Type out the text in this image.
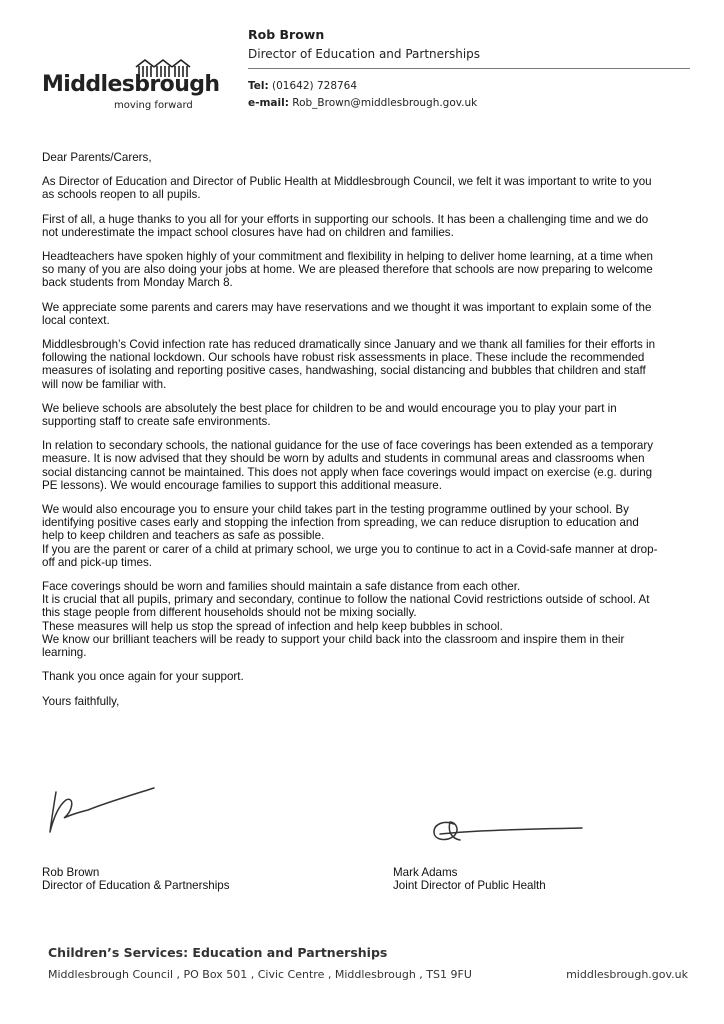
Middlesbrough
moving forward
Rob Brown
Director of Education and Partnerships
Tel: (01642) 728764
e-mail: Rob_Brown@middlesbrough.gov.uk

Dear Parents/Carers,

As Director of Education and Director of Public Health at Middlesbrough Council, we felt it was important to write to you
as schools reopen to all pupils.

First of all, a huge thanks to you all for your efforts in supporting our schools. It has been a challenging time and we do
not underestimate the impact school closures have had on children and families.

Headteachers have spoken highly of your commitment and flexibility in helping to deliver home learning, at a time when
so many of you are also doing your jobs at home. We are pleased therefore that schools are now preparing to welcome
back students from Monday March 8.

We appreciate some parents and carers may have reservations and we thought it was important to explain some of the
local context.

Middlesbrough’s Covid infection rate has reduced dramatically since January and we thank all families for their efforts in
following the national lockdown. Our schools have robust risk assessments in place. These include the recommended
measures of isolating and reporting positive cases, handwashing, social distancing and bubbles that children and staff
will now be familiar with.

We believe schools are absolutely the best place for children to be and would encourage you to play your part in
supporting staff to create safe environments.

In relation to secondary schools, the national guidance for the use of face coverings has been extended as a temporary
measure. It is now advised that they should be worn by adults and students in communal areas and classrooms when
social distancing cannot be maintained. This does not apply when face coverings would impact on exercise (e.g. during
PE lessons). We would encourage families to support this additional measure.

We would also encourage you to ensure your child takes part in the testing programme outlined by your school. By
identifying positive cases early and stopping the infection from spreading, we can reduce disruption to education and
help to keep children and teachers as safe as possible.
If you are the parent or carer of a child at primary school, we urge you to continue to act in a Covid-safe manner at drop-
off and pick-up times.

Face coverings should be worn and families should maintain a safe distance from each other.
It is crucial that all pupils, primary and secondary, continue to follow the national Covid restrictions outside of school. At
this stage people from different households should not be mixing socially.
These measures will help us stop the spread of infection and help keep bubbles in school.
We know our brilliant teachers will be ready to support your child back into the classroom and inspire them in their
learning.

Thank you once again for your support.

Yours faithfully,

Rob Brown
Director of Education & Partnerships
Mark Adams
Joint Director of Public Health
Children’s Services: Education and Partnerships
Middlesbrough Council , PO Box 501 , Civic Centre , Middlesbrough , TS1 9FU	middlesbrough.gov.uk
